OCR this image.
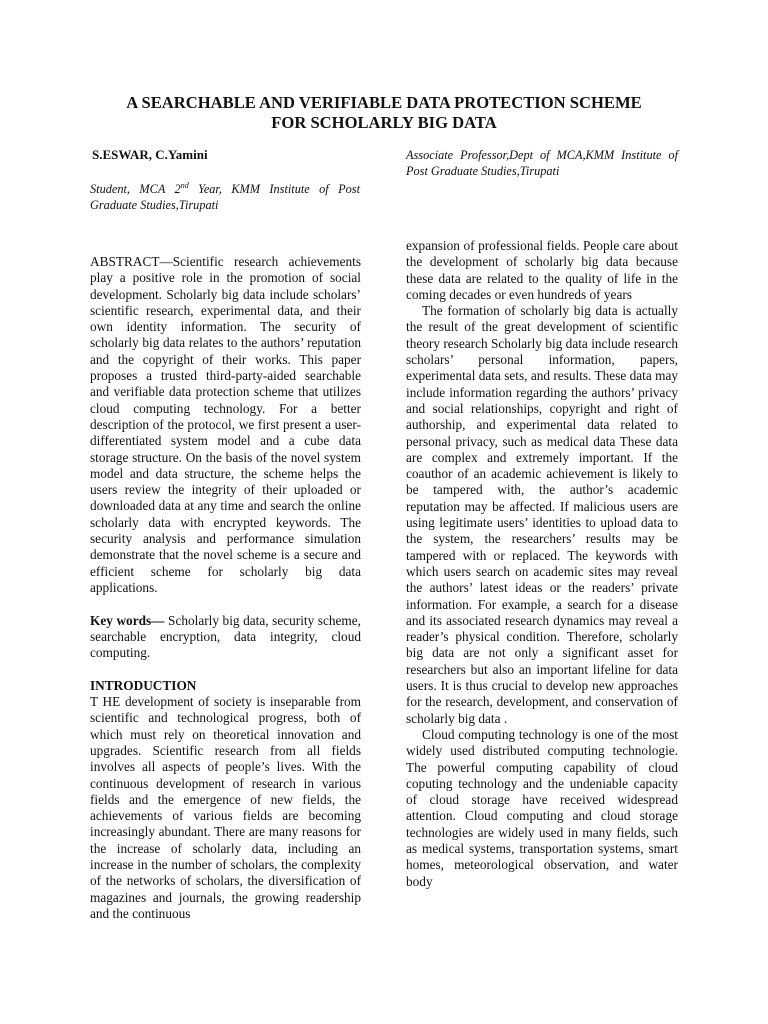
A SEARCHABLE AND VERIFIABLE DATA PROTECTION SCHEME
FOR SCHOLARLY BIG DATA
S.ESWAR, C.Yamini
Student, MCA 2nd Year, KMM Institute of Post Graduate Studies,Tirupati
Associate Professor,Dept of MCA,KMM Institute of Post Graduate Studies,Tirupati

ABSTRACT—Scientific research achievements play a positive role in the promotion of social development. Scholarly big data include scholars’ scientific research, experimental data, and their own identity information. The security of scholarly big data relates to the authors’ reputation and the copyright of their works. This paper proposes a trusted third-party-aided searchable and verifiable data protection scheme that utilizes cloud computing technology. For a better description of the protocol, we first present a user-differentiated system model and a cube data storage structure. On the basis of the novel system model and data structure, the scheme helps the users review the integrity of their uploaded or downloaded data at any time and search the online scholarly data with encrypted keywords. The security analysis and performance simulation demonstrate that the novel scheme is a secure and efficient scheme for scholarly big data applications.

Key words— Scholarly big data, security scheme, searchable encryption, data integrity, cloud computing.

INTRODUCTION

T HE development of society is inseparable from scientific and technological progress, both of which must rely on theoretical innovation and upgrades. Scientific research from all fields involves all aspects of people’s lives. With the continuous development of research in various fields and the emergence of new fields, the achievements of various fields are becoming increasingly abundant. There are many reasons for the increase of scholarly data, including an increase in the number of scholars, the complexity of the networks of scholars, the diversification of magazines and journals, the growing readership and the continuous

expansion of professional fields. People care about the development of scholarly big data because these data are related to the quality of life in the coming decades or even hundreds of years

The formation of scholarly big data is actually the result of the great development of scientific theory research Scholarly big data include research scholars’ personal information, papers, experimental data sets, and results. These data may include information regarding the authors’ privacy and social relationships, copyright and right of authorship, and experimental data related to personal privacy, such as medical data These data are complex and extremely important. If the coauthor of an academic achievement is likely to be tampered with, the author’s academic reputation may be affected. If malicious users are using legitimate users’ identities to upload data to the system, the researchers’ results may be tampered with or replaced. The keywords with which users search on academic sites may reveal the authors’ latest ideas or the readers’ private information. For example, a search for a disease and its associated research dynamics may reveal a reader’s physical condition. Therefore, scholarly big data are not only a significant asset for researchers but also an important lifeline for data users. It is thus crucial to develop new approaches for the research, development, and conservation of scholarly big data .

Cloud computing technology is one of the most widely used distributed computing technologie. The powerful computing capability of cloud coputing technology and the undeniable capacity of cloud storage have received widespread attention. Cloud computing and cloud storage technologies are widely used in many fields, such as medical systems, transportation systems, smart homes, meteorological observation, and water body
